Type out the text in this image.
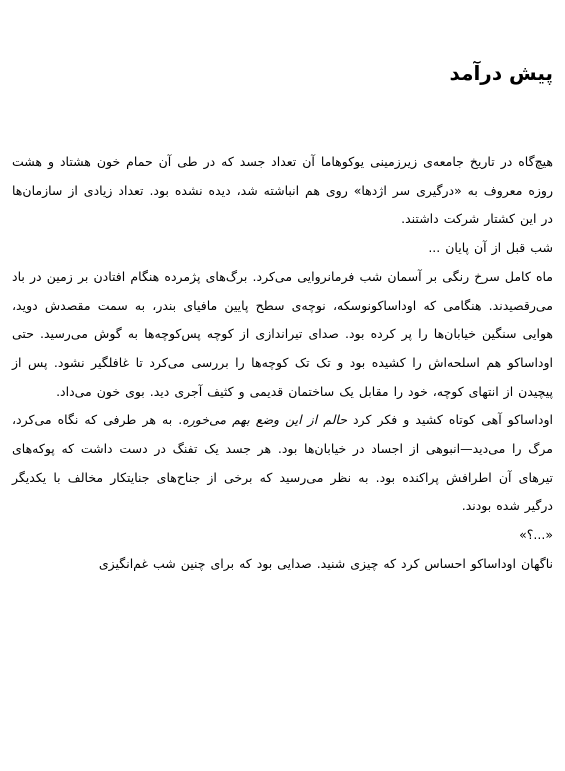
پیش درآمد

هیچ‌گاه در تاریخ جامعه‌ی زیرزمینی یوکوهاما آن تعداد جسد که در طی آن حمام خون هشتاد و هشت روزه معروف به «درگیری سر اژدها» روی هم انباشته شد، دیده نشده بود. تعداد زیادی از سازمان‌ها در این کشتار شرکت داشتند.

شب قبل از آن پایان ...

ماه کامل سرخ رنگی بر آسمان شب فرمانروایی می‌کرد. برگ‌های پژمرده هنگام افتادن بر زمین در باد می‌رقصیدند. هنگامی که اوداساکونوسکه، نوچه‌ی سطح پایین مافیای بندر، به سمت مقصدش دوید، هوایی سنگین خیابان‌ها را پر کرده بود. صدای تیراندازی از کوچه پس‌کوچه‌ها به گوش می‌رسید. حتی اوداساکو هم اسلحه‌اش را کشیده بود و تک تک کوچه‌ها را بررسی می‌کرد تا غافلگیر نشود. پس از پیچیدن از انتهای کوچه، خود را مقابل یک ساختمان قدیمی و کثیف آجری دید. بوی خون می‌داد.

اوداساکو آهی کوتاه کشید و فکر کرد حالم از این وضع بهم می‌خوره. به هر طرفی که نگاه می‌کرد، مرگ را می‌دید—انبوهی از اجساد در خیابان‌ها بود. هر جسد یک تفنگ در دست داشت که پوکه‌های تیرهای آن اطرافش پراکنده بود. به نظر می‌رسید که برخی از جناح‌های جنایتکار مخالف با یکدیگر درگیر شده بودند.

«...؟»

ناگهان اوداساکو احساس کرد که چیزی شنید. صدایی بود که برای چنین شب غم‌انگیزی
